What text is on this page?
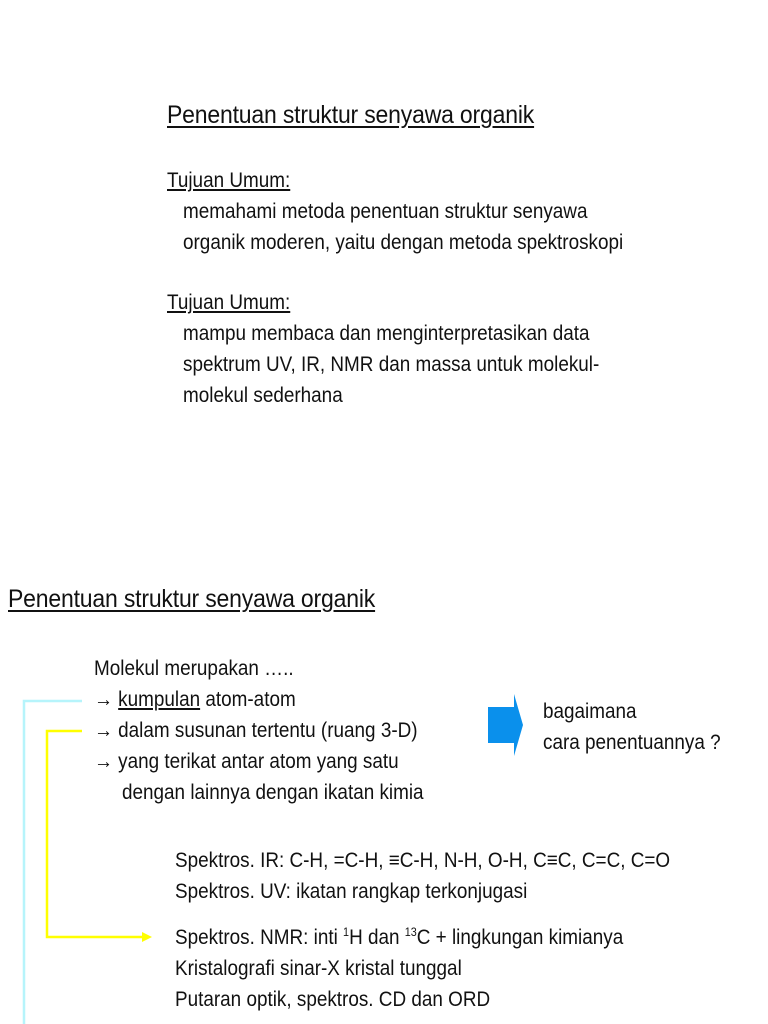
Penentuan struktur senyawa organik
Tujuan Umum:
memahami metoda penentuan struktur senyawa
organik moderen, yaitu dengan metoda spektroskopi
Tujuan Umum:
mampu membaca dan menginterpretasikan data
spektrum UV, IR, NMR dan massa untuk molekul-
molekul sederhana
Penentuan struktur senyawa organik
Molekul merupakan …..
→ kumpulan atom-atom
→ dalam susunan tertentu (ruang 3-D)
→ yang terikat antar atom yang satu
dengan lainnya dengan ikatan kimia
bagaimana
cara penentuannya ?
Spektros. IR: C-H, =C-H, ≡C-H, N-H, O-H, C≡C, C=C, C=O
Spektros. UV: ikatan rangkap terkonjugasi
Spektros. NMR: inti $^1$H dan $^{13}$C + lingkungan kimianya
Kristalografi sinar-X kristal tunggal
Putaran optik, spektros. CD dan ORD
